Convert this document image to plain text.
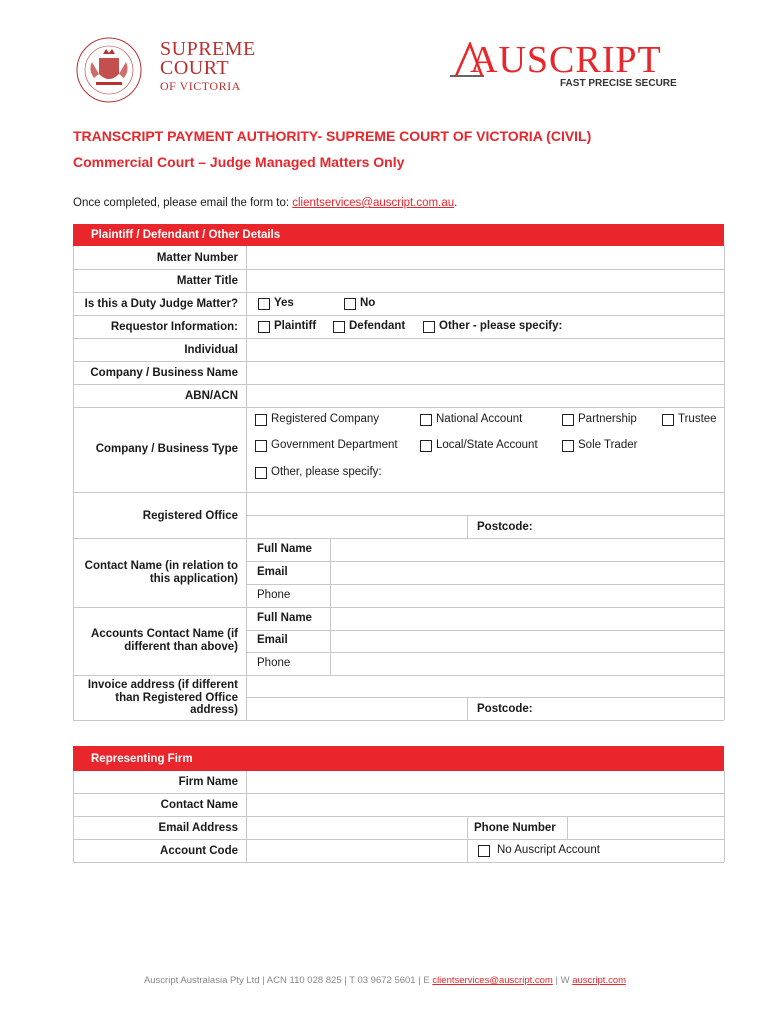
SUPREME
COURT
OF VICTORIA
AUSCRIPT
FAST PRECISE SECURE
TRANSCRIPT PAYMENT AUTHORITY- SUPREME COURT OF VICTORIA (CIVIL)
Commercial Court – Judge Managed Matters Only
Once completed, please email the form to: clientservices@auscript.com.au.
Plaintiff / Defendant / Other Details
Matter Number
Matter Title
Is this a Duty Judge Matter?	Yes	No
Requestor Information:	Plaintiff	Defendant	Other - please specify:
Individual
Company / Business Name
ABN/ACN
Company / Business Type
Registered Company	National Account	Partnership	Trustee
Government Department	Local/State Account	Sole Trader
Other, please specify:
Registered Office
Postcode:
Contact Name (in relation to
this application)
Full Name
Email
Phone
Accounts Contact Name (if
different than above)
Full Name
Email
Phone
Invoice address (if different
than Registered Office
address)	Postcode:
Representing Firm
Firm Name
Contact Name
Email Address	Phone Number
Account Code	No Auscript Account
Auscript Australasia Pty Ltd | ACN 110 028 825 | T 03 9672 5601 | E clientservices@auscript.com | W auscript.com
